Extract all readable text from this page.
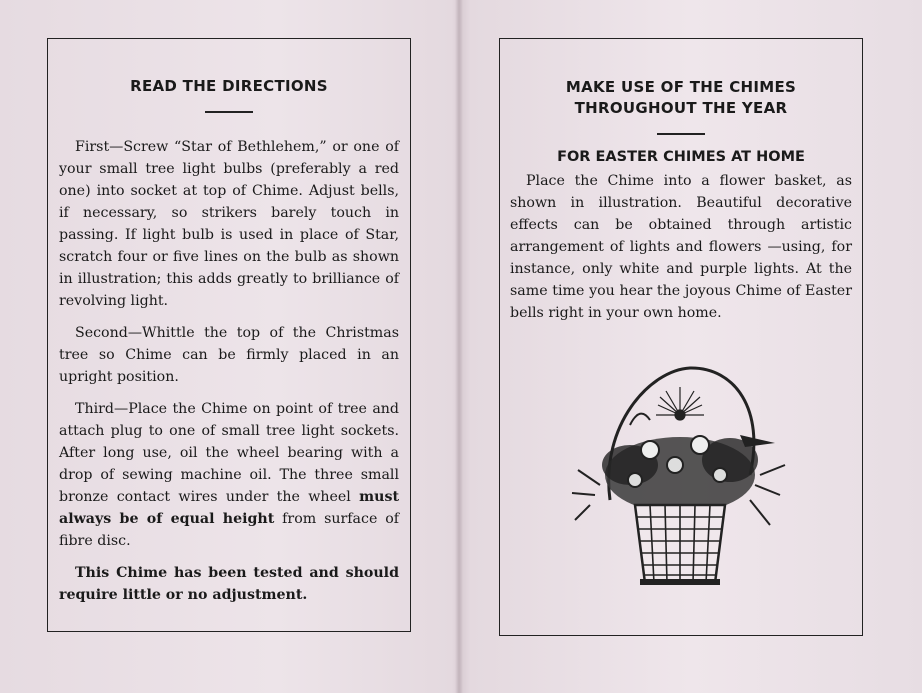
READ THE DIRECTIONS

First—Screw “Star of Bethlehem,” or one of your small tree light bulbs (preferably a red one) into socket at top of Chime. Adjust bells, if necessary, so strikers barely touch in passing. If light bulb is used in place of Star, scratch four or five lines on the bulb as shown in illustration; this adds greatly to brilliance of revolving light.

Second—Whittle the top of the Christmas tree so Chime can be firmly placed in an upright position.

Third—Place the Chime on point of tree and attach plug to one of small tree light sockets. After long use, oil the wheel bearing with a drop of sewing machine oil. The three small bronze contact wires under the wheel must always be of equal height from surface of fibre disc.

This Chime has been tested and should require little or no adjustment.

MAKE USE OF THE CHIMES
THROUGHOUT THE YEAR
FOR EASTER CHIMES AT HOME

Place the Chime into a flower basket, as shown in illustration. Beautiful decorative effects can be obtained through artistic arrangement of lights and flowers —using, for instance, only white and purple lights. At the same time you hear the joyous Chime of Easter bells right in your own home.
